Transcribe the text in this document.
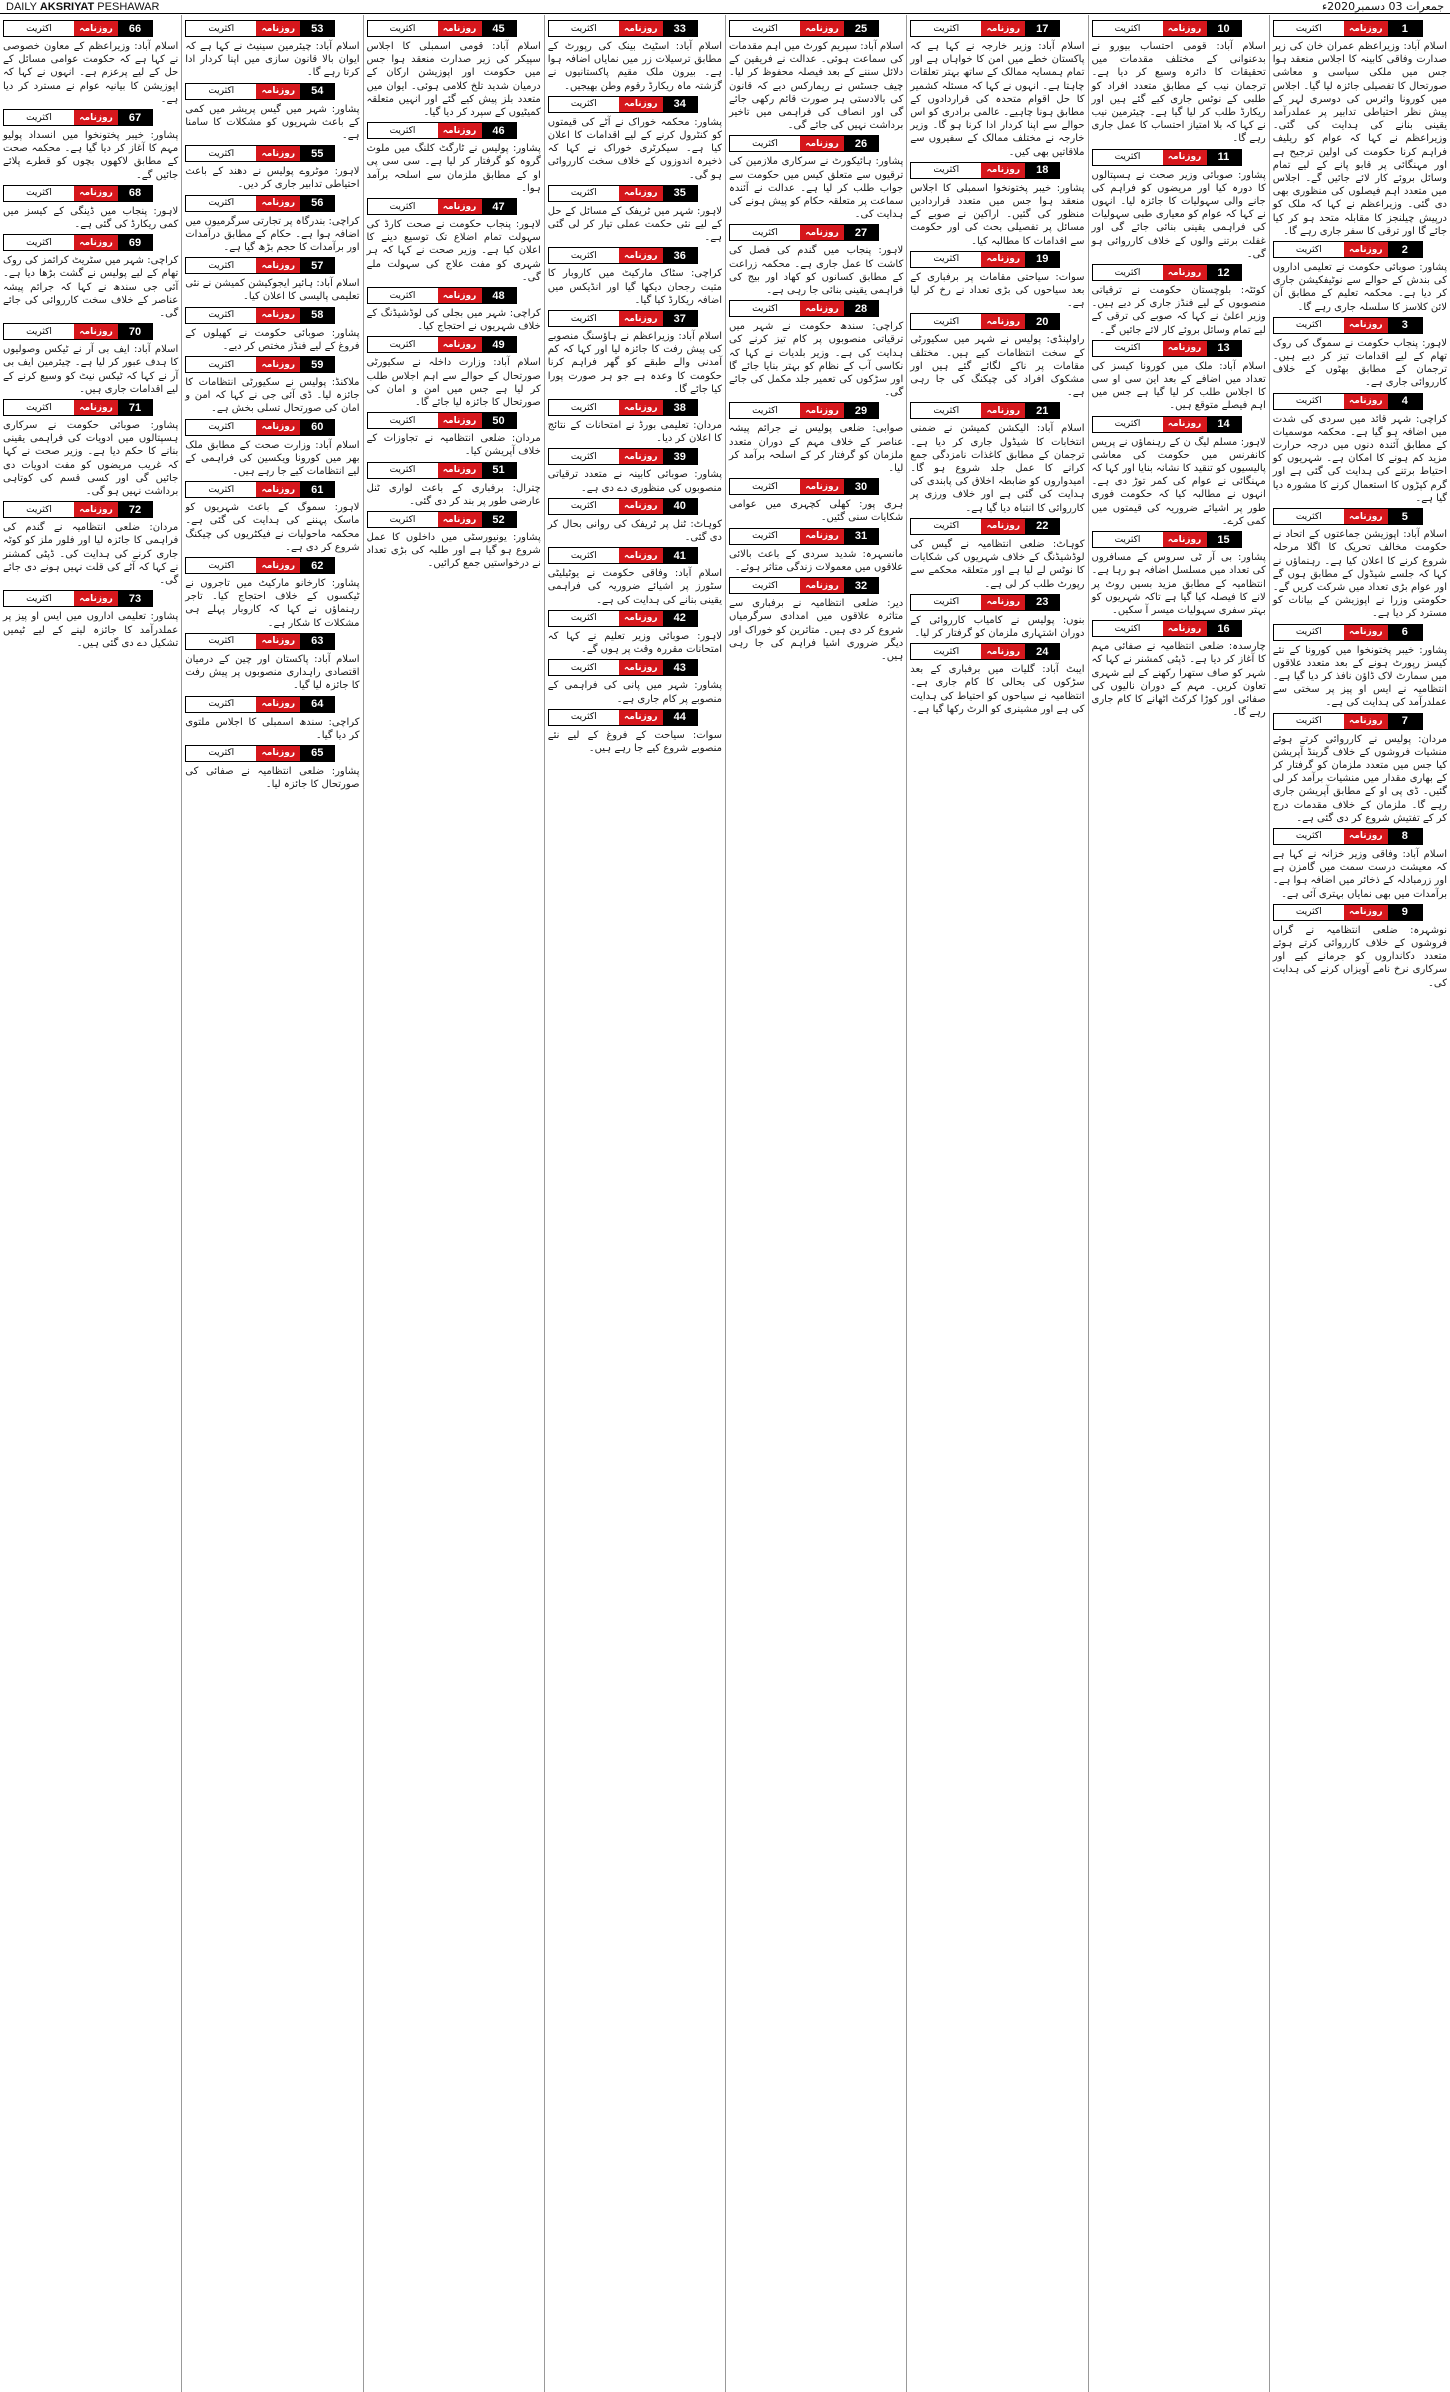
DAILY AKSRIYAT PESHAWAR	جمعرات 03 دسمبر2020ء
1
روزنامہ
اکثریت
اسلام آباد: وزیراعظم عمران خان کی زیر صدارت وفاقی کابینہ کا اجلاس منعقد ہوا جس میں ملکی سیاسی و معاشی صورتحال کا تفصیلی جائزہ لیا گیا۔ اجلاس میں کورونا وائرس کی دوسری لہر کے پیش نظر احتیاطی تدابیر پر عملدرآمد یقینی بنانے کی ہدایت کی گئی۔ وزیراعظم نے کہا کہ عوام کو ریلیف فراہم کرنا حکومت کی اولین ترجیح ہے اور مہنگائی پر قابو پانے کے لیے تمام وسائل بروئے کار لائے جائیں گے۔ اجلاس میں متعدد اہم فیصلوں کی منظوری بھی دی گئی۔ وزیراعظم نے کہا کہ ملک کو درپیش چیلنجز کا مقابلہ متحد ہو کر کیا جائے گا اور ترقی کا سفر جاری رہے گا۔
2
روزنامہ
اکثریت
پشاور: صوبائی حکومت نے تعلیمی اداروں کی بندش کے حوالے سے نوٹیفکیشن جاری کر دیا ہے۔ محکمہ تعلیم کے مطابق آن لائن کلاسز کا سلسلہ جاری رہے گا۔
3
روزنامہ
اکثریت
لاہور: پنجاب حکومت نے سموگ کی روک تھام کے لیے اقدامات تیز کر دیے ہیں۔ ترجمان کے مطابق بھٹوں کے خلاف کارروائی جاری ہے۔
4
روزنامہ
اکثریت
کراچی: شہر قائد میں سردی کی شدت میں اضافہ ہو گیا ہے۔ محکمہ موسمیات کے مطابق آئندہ دنوں میں درجہ حرارت مزید کم ہونے کا امکان ہے۔ شہریوں کو احتیاط برتنے کی ہدایت کی گئی ہے اور گرم کپڑوں کا استعمال کرنے کا مشورہ دیا گیا ہے۔
5
روزنامہ
اکثریت
اسلام آباد: اپوزیشن جماعتوں کے اتحاد نے حکومت مخالف تحریک کا اگلا مرحلہ شروع کرنے کا اعلان کیا ہے۔ رہنماؤں نے کہا کہ جلسے شیڈول کے مطابق ہوں گے اور عوام بڑی تعداد میں شرکت کریں گے۔ حکومتی وزرا نے اپوزیشن کے بیانات کو مسترد کر دیا ہے۔
6
روزنامہ
اکثریت
پشاور: خیبر پختونخوا میں کورونا کے نئے کیسز رپورٹ ہونے کے بعد متعدد علاقوں میں سمارٹ لاک ڈاؤن نافذ کر دیا گیا ہے۔ انتظامیہ نے ایس او پیز پر سختی سے عملدرآمد کی ہدایت کی ہے۔
7
روزنامہ
اکثریت
مردان: پولیس نے کارروائی کرتے ہوئے منشیات فروشوں کے خلاف گرینڈ آپریشن کیا جس میں متعدد ملزمان کو گرفتار کر کے بھاری مقدار میں منشیات برآمد کر لی گئیں۔ ڈی پی او کے مطابق آپریشن جاری رہے گا۔ ملزمان کے خلاف مقدمات درج کر کے تفتیش شروع کر دی گئی ہے۔
8
روزنامہ
اکثریت
اسلام آباد: وفاقی وزیر خزانہ نے کہا ہے کہ معیشت درست سمت میں گامزن ہے اور زرمبادلہ کے ذخائر میں اضافہ ہوا ہے۔ برآمدات میں بھی نمایاں بہتری آئی ہے۔
9
روزنامہ
اکثریت
نوشہرہ: ضلعی انتظامیہ نے گراں فروشوں کے خلاف کارروائی کرتے ہوئے متعدد دکانداروں کو جرمانے کیے اور سرکاری نرخ نامے آویزاں کرنے کی ہدایت کی۔
10
روزنامہ
اکثریت
اسلام آباد: قومی احتساب بیورو نے بدعنوانی کے مختلف مقدمات میں تحقیقات کا دائرہ وسیع کر دیا ہے۔ ترجمان نیب کے مطابق متعدد افراد کو طلبی کے نوٹس جاری کیے گئے ہیں اور ریکارڈ طلب کر لیا گیا ہے۔ چیئرمین نیب نے کہا کہ بلا امتیاز احتساب کا عمل جاری رہے گا۔
11
روزنامہ
اکثریت
پشاور: صوبائی وزیر صحت نے ہسپتالوں کا دورہ کیا اور مریضوں کو فراہم کی جانے والی سہولیات کا جائزہ لیا۔ انہوں نے کہا کہ عوام کو معیاری طبی سہولیات کی فراہمی یقینی بنائی جائے گی اور غفلت برتنے والوں کے خلاف کارروائی ہو گی۔
12
روزنامہ
اکثریت
کوئٹہ: بلوچستان حکومت نے ترقیاتی منصوبوں کے لیے فنڈز جاری کر دیے ہیں۔ وزیر اعلیٰ نے کہا کہ صوبے کی ترقی کے لیے تمام وسائل بروئے کار لائے جائیں گے۔
13
روزنامہ
اکثریت
اسلام آباد: ملک میں کورونا کیسز کی تعداد میں اضافے کے بعد این سی او سی کا اجلاس طلب کر لیا گیا ہے جس میں اہم فیصلے متوقع ہیں۔
14
روزنامہ
اکثریت
لاہور: مسلم لیگ ن کے رہنماؤں نے پریس کانفرنس میں حکومت کی معاشی پالیسیوں کو تنقید کا نشانہ بنایا اور کہا کہ مہنگائی نے عوام کی کمر توڑ دی ہے۔ انہوں نے مطالبہ کیا کہ حکومت فوری طور پر اشیائے ضروریہ کی قیمتوں میں کمی کرے۔
15
روزنامہ
اکثریت
پشاور: بی آر ٹی سروس کے مسافروں کی تعداد میں مسلسل اضافہ ہو رہا ہے۔ انتظامیہ کے مطابق مزید بسیں روٹ پر لانے کا فیصلہ کیا گیا ہے تاکہ شہریوں کو بہتر سفری سہولیات میسر آ سکیں۔
16
روزنامہ
اکثریت
چارسدہ: ضلعی انتظامیہ نے صفائی مہم کا آغاز کر دیا ہے۔ ڈپٹی کمشنر نے کہا کہ شہر کو صاف ستھرا رکھنے کے لیے شہری تعاون کریں۔ مہم کے دوران نالیوں کی صفائی اور کوڑا کرکٹ اٹھانے کا کام جاری رہے گا۔
17
روزنامہ
اکثریت
اسلام آباد: وزیر خارجہ نے کہا ہے کہ پاکستان خطے میں امن کا خواہاں ہے اور تمام ہمسایہ ممالک کے ساتھ بہتر تعلقات چاہتا ہے۔ انہوں نے کہا کہ مسئلہ کشمیر کا حل اقوام متحدہ کی قراردادوں کے مطابق ہونا چاہیے۔ عالمی برادری کو اس حوالے سے اپنا کردار ادا کرنا ہو گا۔ وزیر خارجہ نے مختلف ممالک کے سفیروں سے ملاقاتیں بھی کیں۔
18
روزنامہ
اکثریت
پشاور: خیبر پختونخوا اسمبلی کا اجلاس منعقد ہوا جس میں متعدد قراردادیں منظور کی گئیں۔ اراکین نے صوبے کے مسائل پر تفصیلی بحث کی اور حکومت سے اقدامات کا مطالبہ کیا۔
19
روزنامہ
اکثریت
سوات: سیاحتی مقامات پر برفباری کے بعد سیاحوں کی بڑی تعداد نے رخ کر لیا ہے۔
20
روزنامہ
اکثریت
راولپنڈی: پولیس نے شہر میں سکیورٹی کے سخت انتظامات کیے ہیں۔ مختلف مقامات پر ناکے لگائے گئے ہیں اور مشکوک افراد کی چیکنگ کی جا رہی ہے۔
21
روزنامہ
اکثریت
اسلام آباد: الیکشن کمیشن نے ضمنی انتخابات کا شیڈول جاری کر دیا ہے۔ ترجمان کے مطابق کاغذات نامزدگی جمع کرانے کا عمل جلد شروع ہو گا۔ امیدواروں کو ضابطہ اخلاق کی پابندی کی ہدایت کی گئی ہے اور خلاف ورزی پر کارروائی کا انتباہ دیا گیا ہے۔
22
روزنامہ
اکثریت
کوہاٹ: ضلعی انتظامیہ نے گیس کی لوڈشیڈنگ کے خلاف شہریوں کی شکایات کا نوٹس لے لیا ہے اور متعلقہ محکمے سے رپورٹ طلب کر لی ہے۔
23
روزنامہ
اکثریت
بنوں: پولیس نے کامیاب کارروائی کے دوران اشتہاری ملزمان کو گرفتار کر لیا۔
24
روزنامہ
اکثریت
ایبٹ آباد: گلیات میں برفباری کے بعد سڑکوں کی بحالی کا کام جاری ہے۔ انتظامیہ نے سیاحوں کو احتیاط کی ہدایت کی ہے اور مشینری کو الرٹ رکھا گیا ہے۔
25
روزنامہ
اکثریت
اسلام آباد: سپریم کورٹ میں اہم مقدمات کی سماعت ہوئی۔ عدالت نے فریقین کے دلائل سننے کے بعد فیصلہ محفوظ کر لیا۔ چیف جسٹس نے ریمارکس دیے کہ قانون کی بالادستی ہر صورت قائم رکھی جائے گی اور انصاف کی فراہمی میں تاخیر برداشت نہیں کی جائے گی۔
26
روزنامہ
اکثریت
پشاور: ہائیکورٹ نے سرکاری ملازمین کی ترقیوں سے متعلق کیس میں حکومت سے جواب طلب کر لیا ہے۔ عدالت نے آئندہ سماعت پر متعلقہ حکام کو پیش ہونے کی ہدایت کی۔
27
روزنامہ
اکثریت
لاہور: پنجاب میں گندم کی فصل کی کاشت کا عمل جاری ہے۔ محکمہ زراعت کے مطابق کسانوں کو کھاد اور بیج کی فراہمی یقینی بنائی جا رہی ہے۔
28
روزنامہ
اکثریت
کراچی: سندھ حکومت نے شہر میں ترقیاتی منصوبوں پر کام تیز کرنے کی ہدایت کی ہے۔ وزیر بلدیات نے کہا کہ نکاسی آب کے نظام کو بہتر بنایا جائے گا اور سڑکوں کی تعمیر جلد مکمل کی جائے گی۔
29
روزنامہ
اکثریت
صوابی: ضلعی پولیس نے جرائم پیشہ عناصر کے خلاف مہم کے دوران متعدد ملزمان کو گرفتار کر کے اسلحہ برآمد کر لیا۔
30
روزنامہ
اکثریت
ہری پور: کھلی کچہری میں عوامی شکایات سنی گئیں۔
31
روزنامہ
اکثریت
مانسہرہ: شدید سردی کے باعث بالائی علاقوں میں معمولات زندگی متاثر ہوئے۔
32
روزنامہ
اکثریت
دیر: ضلعی انتظامیہ نے برفباری سے متاثرہ علاقوں میں امدادی سرگرمیاں شروع کر دی ہیں۔ متاثرین کو خوراک اور دیگر ضروری اشیا فراہم کی جا رہی ہیں۔
33
روزنامہ
اکثریت
اسلام آباد: اسٹیٹ بینک کی رپورٹ کے مطابق ترسیلات زر میں نمایاں اضافہ ہوا ہے۔ بیرون ملک مقیم پاکستانیوں نے گزشتہ ماہ ریکارڈ رقوم وطن بھیجیں۔
34
روزنامہ
اکثریت
پشاور: محکمہ خوراک نے آٹے کی قیمتوں کو کنٹرول کرنے کے لیے اقدامات کا اعلان کیا ہے۔ سیکرٹری خوراک نے کہا کہ ذخیرہ اندوزوں کے خلاف سخت کارروائی ہو گی۔
35
روزنامہ
اکثریت
لاہور: شہر میں ٹریفک کے مسائل کے حل کے لیے نئی حکمت عملی تیار کر لی گئی ہے۔
36
روزنامہ
اکثریت
کراچی: سٹاک مارکیٹ میں کاروبار کا مثبت رجحان دیکھا گیا اور انڈیکس میں اضافہ ریکارڈ کیا گیا۔
37
روزنامہ
اکثریت
اسلام آباد: وزیراعظم نے ہاؤسنگ منصوبے کی پیش رفت کا جائزہ لیا اور کہا کہ کم آمدنی والے طبقے کو گھر فراہم کرنا حکومت کا وعدہ ہے جو ہر صورت پورا کیا جائے گا۔
38
روزنامہ
اکثریت
مردان: تعلیمی بورڈ نے امتحانات کے نتائج کا اعلان کر دیا۔
39
روزنامہ
اکثریت
پشاور: صوبائی کابینہ نے متعدد ترقیاتی منصوبوں کی منظوری دے دی ہے۔
40
روزنامہ
اکثریت
کوہاٹ: ٹنل پر ٹریفک کی روانی بحال کر دی گئی۔
41
روزنامہ
اکثریت
اسلام آباد: وفاقی حکومت نے یوٹیلیٹی سٹورز پر اشیائے ضروریہ کی فراہمی یقینی بنانے کی ہدایت کی ہے۔
42
روزنامہ
اکثریت
لاہور: صوبائی وزیر تعلیم نے کہا کہ امتحانات مقررہ وقت پر ہوں گے۔
43
روزنامہ
اکثریت
پشاور: شہر میں پانی کی فراہمی کے منصوبے پر کام جاری ہے۔
44
روزنامہ
اکثریت
سوات: سیاحت کے فروغ کے لیے نئے منصوبے شروع کیے جا رہے ہیں۔
45
روزنامہ
اکثریت
اسلام آباد: قومی اسمبلی کا اجلاس سپیکر کی زیر صدارت منعقد ہوا جس میں حکومت اور اپوزیشن ارکان کے درمیان شدید تلخ کلامی ہوئی۔ ایوان میں متعدد بلز پیش کیے گئے اور انہیں متعلقہ کمیٹیوں کے سپرد کر دیا گیا۔
46
روزنامہ
اکثریت
پشاور: پولیس نے ٹارگٹ کلنگ میں ملوث گروہ کو گرفتار کر لیا ہے۔ سی سی پی او کے مطابق ملزمان سے اسلحہ برآمد ہوا۔
47
روزنامہ
اکثریت
لاہور: پنجاب حکومت نے صحت کارڈ کی سہولت تمام اضلاع تک توسیع دینے کا اعلان کیا ہے۔ وزیر صحت نے کہا کہ ہر شہری کو مفت علاج کی سہولت ملے گی۔
48
روزنامہ
اکثریت
کراچی: شہر میں بجلی کی لوڈشیڈنگ کے خلاف شہریوں نے احتجاج کیا۔
49
روزنامہ
اکثریت
اسلام آباد: وزارت داخلہ نے سکیورٹی صورتحال کے حوالے سے اہم اجلاس طلب کر لیا ہے جس میں امن و امان کی صورتحال کا جائزہ لیا جائے گا۔
50
روزنامہ
اکثریت
مردان: ضلعی انتظامیہ نے تجاوزات کے خلاف آپریشن کیا۔
51
روزنامہ
اکثریت
چترال: برفباری کے باعث لواری ٹنل عارضی طور پر بند کر دی گئی۔
52
روزنامہ
اکثریت
پشاور: یونیورسٹی میں داخلوں کا عمل شروع ہو گیا ہے اور طلبہ کی بڑی تعداد نے درخواستیں جمع کرائیں۔
53
روزنامہ
اکثریت
اسلام آباد: چیئرمین سینیٹ نے کہا ہے کہ ایوان بالا قانون سازی میں اپنا کردار ادا کرتا رہے گا۔
54
روزنامہ
اکثریت
پشاور: شہر میں گیس پریشر میں کمی کے باعث شہریوں کو مشکلات کا سامنا ہے۔
55
روزنامہ
اکثریت
لاہور: موٹروے پولیس نے دھند کے باعث احتیاطی تدابیر جاری کر دیں۔
56
روزنامہ
اکثریت
کراچی: بندرگاہ پر تجارتی سرگرمیوں میں اضافہ ہوا ہے۔ حکام کے مطابق درآمدات اور برآمدات کا حجم بڑھ گیا ہے۔
57
روزنامہ
اکثریت
اسلام آباد: ہائیر ایجوکیشن کمیشن نے نئی تعلیمی پالیسی کا اعلان کیا۔
58
روزنامہ
اکثریت
پشاور: صوبائی حکومت نے کھیلوں کے فروغ کے لیے فنڈز مختص کر دیے۔
59
روزنامہ
اکثریت
ملاکنڈ: پولیس نے سکیورٹی انتظامات کا جائزہ لیا۔ ڈی آئی جی نے کہا کہ امن و امان کی صورتحال تسلی بخش ہے۔
60
روزنامہ
اکثریت
اسلام آباد: وزارت صحت کے مطابق ملک بھر میں کورونا ویکسین کی فراہمی کے لیے انتظامات کیے جا رہے ہیں۔
61
روزنامہ
اکثریت
لاہور: سموگ کے باعث شہریوں کو ماسک پہننے کی ہدایت کی گئی ہے۔ محکمہ ماحولیات نے فیکٹریوں کی چیکنگ شروع کر دی ہے۔
62
روزنامہ
اکثریت
پشاور: کارخانو مارکیٹ میں تاجروں نے ٹیکسوں کے خلاف احتجاج کیا۔ تاجر رہنماؤں نے کہا کہ کاروبار پہلے ہی مشکلات کا شکار ہے۔
63
روزنامہ
اکثریت
اسلام آباد: پاکستان اور چین کے درمیان اقتصادی راہداری منصوبوں پر پیش رفت کا جائزہ لیا گیا۔
64
روزنامہ
اکثریت
کراچی: سندھ اسمبلی کا اجلاس ملتوی کر دیا گیا۔
65
روزنامہ
اکثریت
پشاور: ضلعی انتظامیہ نے صفائی کی صورتحال کا جائزہ لیا۔
66
روزنامہ
اکثریت
اسلام آباد: وزیراعظم کے معاون خصوصی نے کہا ہے کہ حکومت عوامی مسائل کے حل کے لیے پرعزم ہے۔ انہوں نے کہا کہ اپوزیشن کا بیانیہ عوام نے مسترد کر دیا ہے۔
67
روزنامہ
اکثریت
پشاور: خیبر پختونخوا میں انسداد پولیو مہم کا آغاز کر دیا گیا ہے۔ محکمہ صحت کے مطابق لاکھوں بچوں کو قطرے پلائے جائیں گے۔
68
روزنامہ
اکثریت
لاہور: پنجاب میں ڈینگی کے کیسز میں کمی ریکارڈ کی گئی ہے۔
69
روزنامہ
اکثریت
کراچی: شہر میں سٹریٹ کرائمز کی روک تھام کے لیے پولیس نے گشت بڑھا دیا ہے۔ آئی جی سندھ نے کہا کہ جرائم پیشہ عناصر کے خلاف سخت کارروائی کی جائے گی۔
70
روزنامہ
اکثریت
اسلام آباد: ایف بی آر نے ٹیکس وصولیوں کا ہدف عبور کر لیا ہے۔ چیئرمین ایف بی آر نے کہا کہ ٹیکس نیٹ کو وسیع کرنے کے لیے اقدامات جاری ہیں۔
71
روزنامہ
اکثریت
پشاور: صوبائی حکومت نے سرکاری ہسپتالوں میں ادویات کی فراہمی یقینی بنانے کا حکم دیا ہے۔ وزیر صحت نے کہا کہ غریب مریضوں کو مفت ادویات دی جائیں گی اور کسی قسم کی کوتاہی برداشت نہیں ہو گی۔
72
روزنامہ
اکثریت
مردان: ضلعی انتظامیہ نے گندم کی فراہمی کا جائزہ لیا اور فلور ملز کو کوٹہ جاری کرنے کی ہدایت کی۔ ڈپٹی کمشنر نے کہا کہ آٹے کی قلت نہیں ہونے دی جائے گی۔
73
روزنامہ
اکثریت
پشاور: تعلیمی اداروں میں ایس او پیز پر عملدرآمد کا جائزہ لینے کے لیے ٹیمیں تشکیل دے دی گئی ہیں۔
